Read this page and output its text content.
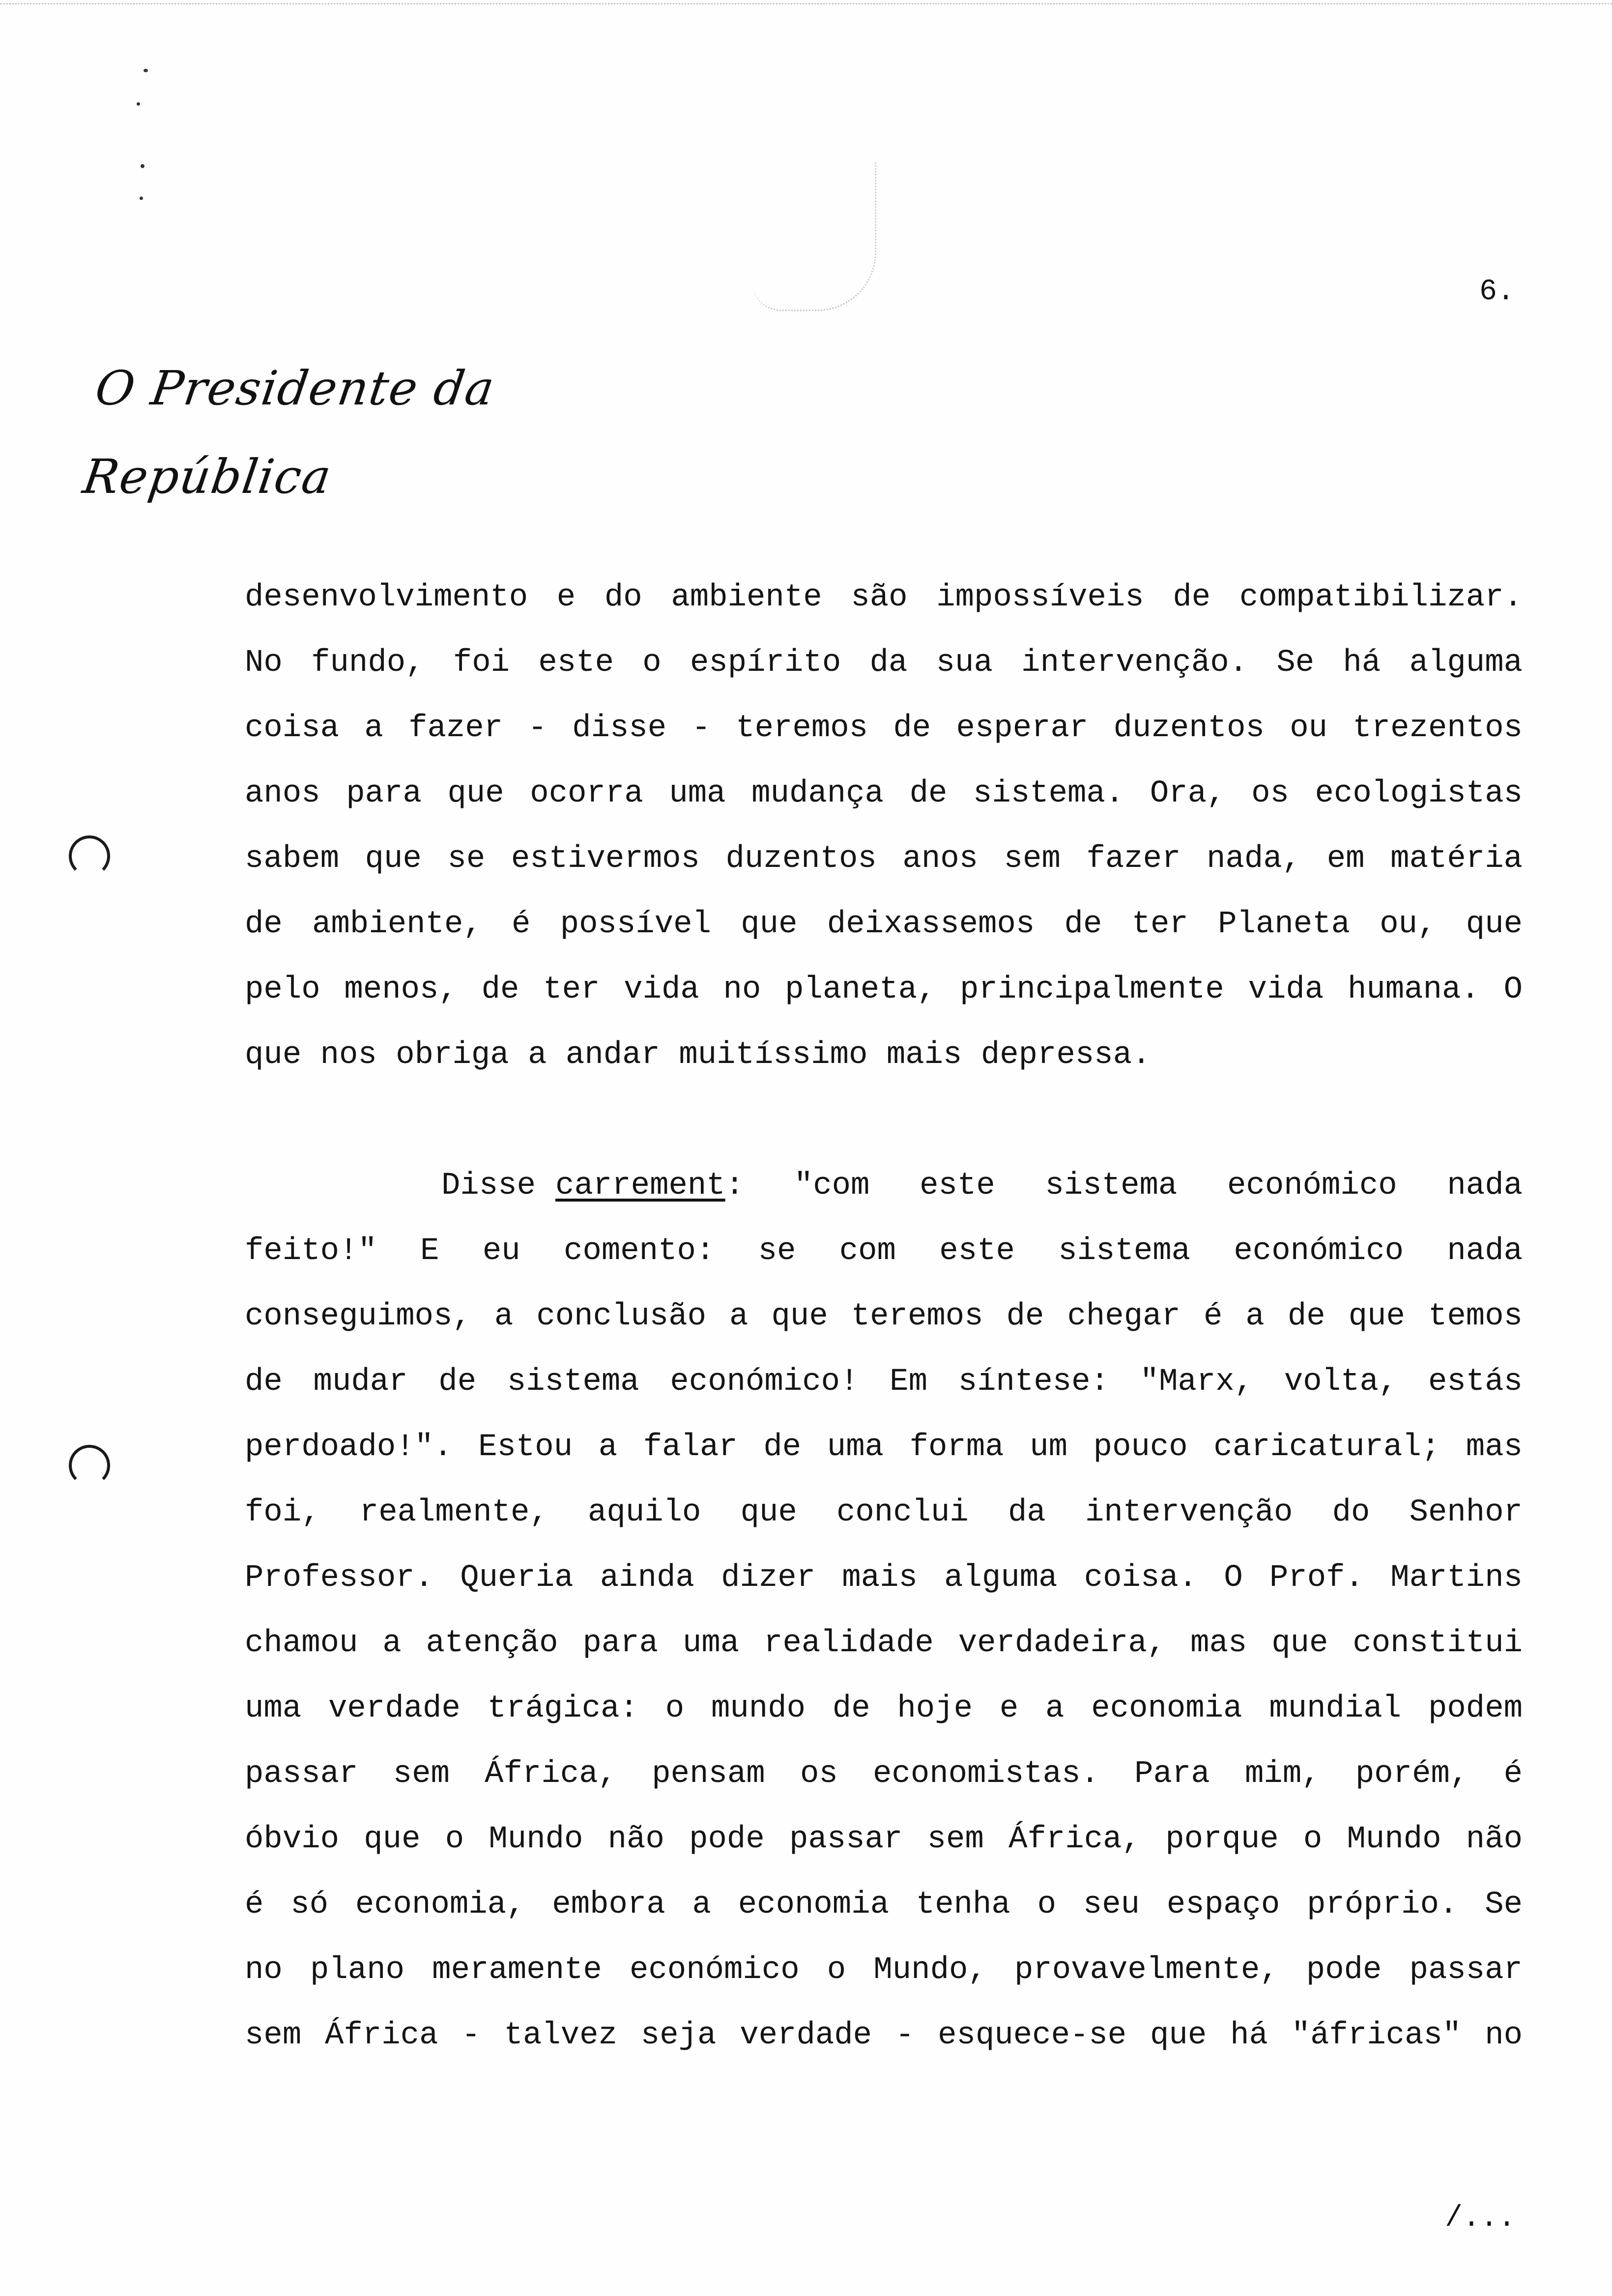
6.
O Presidente da República
desenvolvimento e do ambiente são impossíveis de compatibilizar.
No fundo, foi este o espírito da sua intervenção. Se há alguma
coisa a fazer - disse - teremos de esperar duzentos ou trezentos
anos para que ocorra uma mudança de sistema. Ora, os ecologistas
sabem que se estivermos duzentos anos sem fazer nada, em matéria
de ambiente, é possível que deixassemos de ter Planeta ou, que
pelo menos, de ter vida no planeta, principalmente vida humana. O
que nos obriga a andar muitíssimo mais depressa.
Disse carrement : "com este sistema económico nada
feito!" E eu comento: se com este sistema económico nada
conseguimos, a conclusão a que teremos de chegar é a de que temos
de mudar de sistema económico! Em síntese: "Marx, volta, estás
perdoado!". Estou a falar de uma forma um pouco caricatural; mas
foi, realmente, aquilo que conclui da intervenção do Senhor
Professor. Queria ainda dizer mais alguma coisa. O Prof. Martins
chamou a atenção para uma realidade verdadeira, mas que constitui
uma verdade trágica: o mundo de hoje e a economia mundial podem
passar sem África, pensam os economistas. Para mim, porém, é
óbvio que o Mundo não pode passar sem África, porque o Mundo não
é só economia, embora a economia tenha o seu espaço próprio. Se
no plano meramente económico o Mundo, provavelmente, pode passar
sem África - talvez seja verdade - esquece-se que há "áfricas" no
/...
